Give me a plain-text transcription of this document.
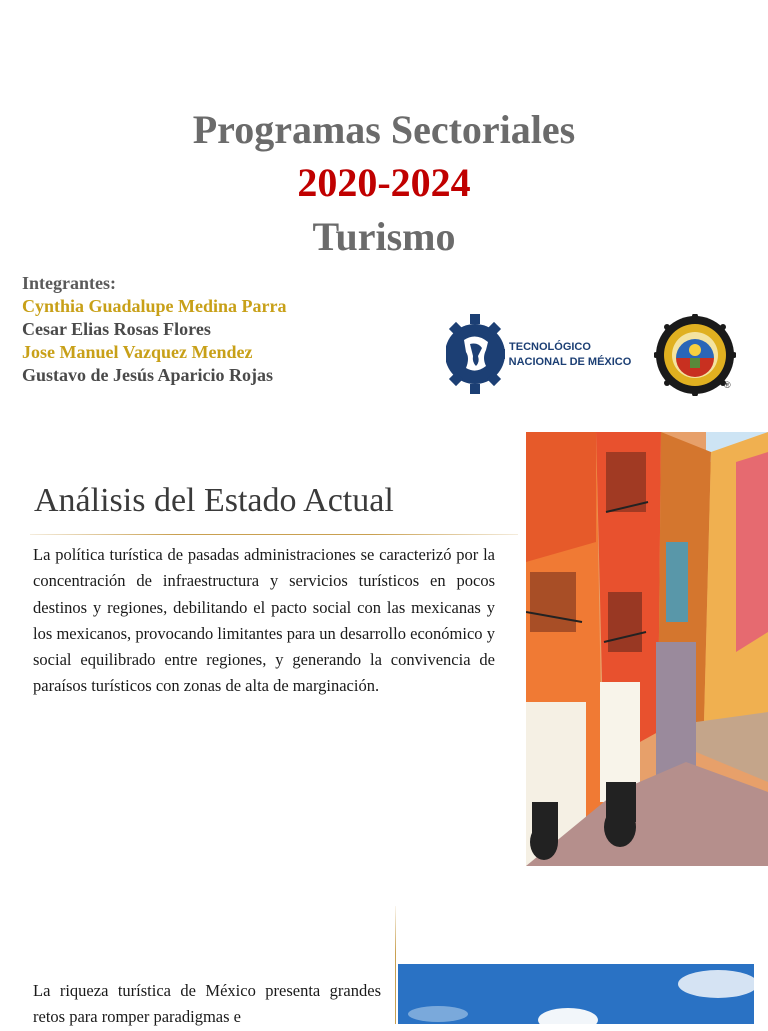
Programas Sectoriales
2020-2024
Turismo
Integrantes:
Cynthia Guadalupe Medina Parra
Cesar Elias Rosas Flores
Jose Manuel Vazquez Mendez
Gustavo de Jesús Aparicio Rojas
TECNOLÓGICO
NACIONAL DE MÉXICO
®
Análisis del Estado Actual
La política turística de pasadas administraciones se caracterizó por la concentración de infraestructura y servicios turísticos en pocos destinos y regiones, debilitando el pacto social con las mexicanas y los mexicanos, provocando limitantes para un desarrollo económico y social equilibrado entre regiones, y generando la convivencia de paraísos turísticos con zonas de alta de marginación.
La riqueza turística de México presenta grandes retos para romper paradigmas e
